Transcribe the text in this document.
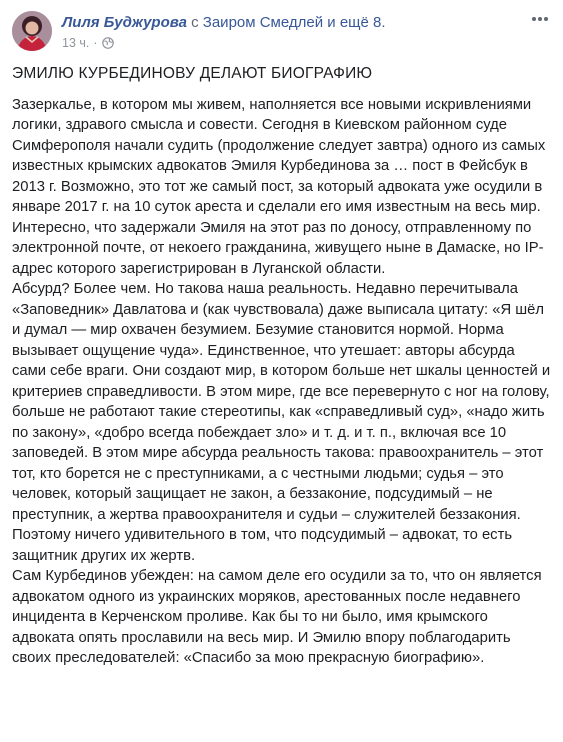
Лиля Буджурова с Заиром Смедлей и ещё 8.
13 ч. ·

ЭМИЛЮ КУРБЕДИНОВУ ДЕЛАЮТ БИОГРАФИЮ

Зазеркалье, в котором мы живем, наполняется все новыми искривлениями логики, здравого смысла и совести. Сегодня в Киевском районном суде Симферополя начали судить (продолжение следует завтра) одного из самых известных крымских адвокатов Эмиля Курбединова за … пост в Фейсбук в 2013 г. Возможно, это тот же самый пост, за который адвоката уже осудили в январе 2017 г. на 10 суток ареста и сделали его имя известным на весь мир. Интересно, что задержали Эмиля на этот раз по доносу, отправленному по электронной почте, от некоего гражданина, живущего ныне в Дамаске, но IP-адрес которого зарегистрирован в Луганской области.

Абсурд? Более чем. Но такова наша реальность. Недавно перечитывала «Заповедник» Давлатова и (как чувствовала) даже выписала цитату: «Я шёл и думал — мир охвачен безумием. Безумие становится нормой. Норма вызывает ощущение чуда». Единственное, что утешает: авторы абсурда сами себе враги. Они создают мир, в котором больше нет шкалы ценностей и критериев справедливости. В этом мире, где все перевернуто с ног на голову, больше не работают такие стереотипы, как «справедливый суд», «надо жить по закону», «добро всегда побеждает зло» и т. д. и т. п., включая все 10 заповедей. В этом мире абсурда реальность такова: правоохранитель – этот тот, кто борется не с преступниками, а с честными людьми; судья – это человек, который защищает не закон, а беззаконие, подсудимый – не преступник, а жертва правоохранителя и судьи – служителей беззакония. Поэтому ничего удивительного в том, что подсудимый – адвокат, то есть защитник других их жертв.

Сам Курбединов убежден: на самом деле его осудили за то, что он является адвокатом одного из украинских моряков, арестованных после недавнего инцидента в Керченском проливе. Как бы то ни было, имя крымского адвоката опять прославили на весь мир. И Эмилю впору поблагодарить своих преследователей: «Спасибо за мою прекрасную биографию».
